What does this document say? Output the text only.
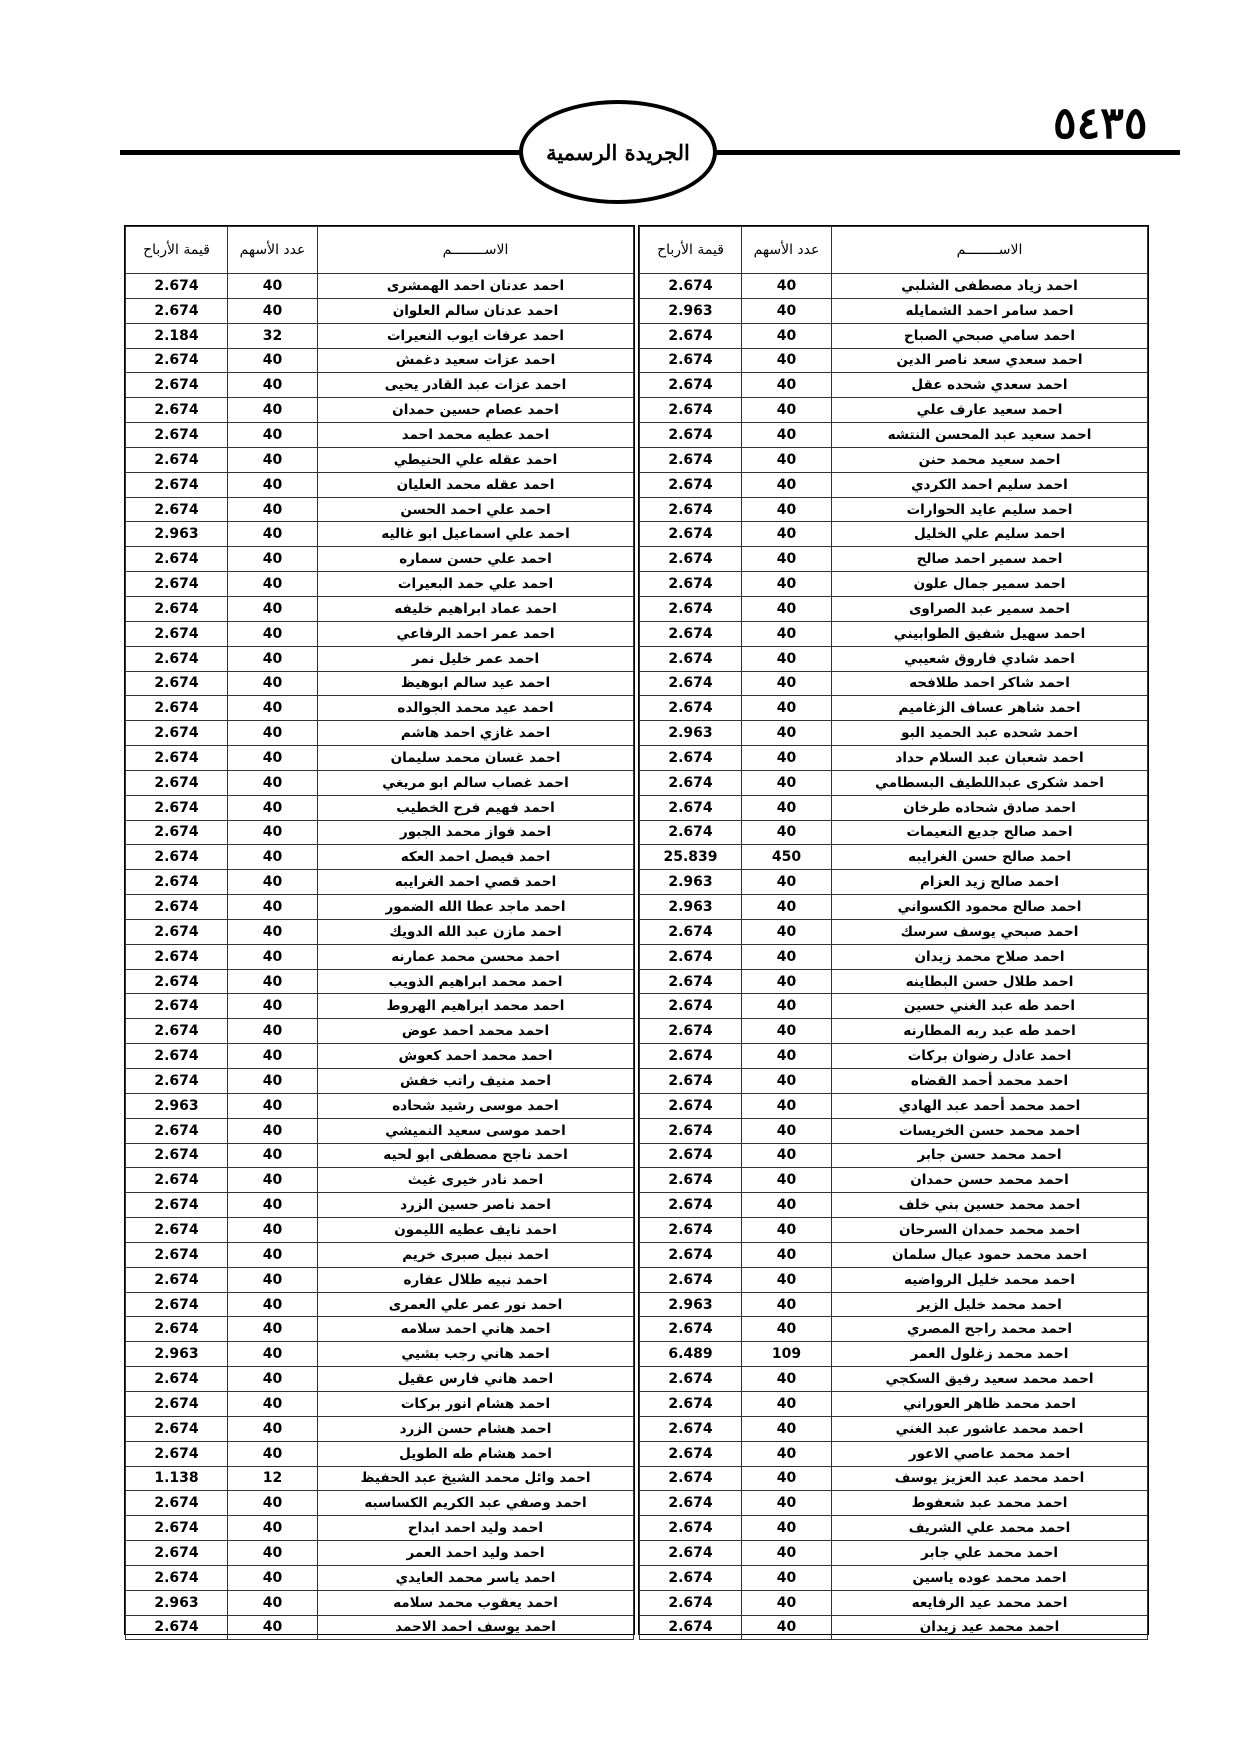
الجريدة الرسمية
٥٤٣٥
قيمة الأرباح	عدد الأسهم	الاســــــــم
2.674	40	احمد عدنان احمد الهمشرى
2.674	40	احمد عدنان سالم العلوان
2.184	32	احمد عرفات ايوب النعيرات
2.674	40	احمد عزات سعيد دغمش
2.674	40	احمد عزات عبد القادر يحيى
2.674	40	احمد عصام حسين حمدان
2.674	40	احمد عطيه محمد احمد
2.674	40	احمد عقله علي الحنيطي
2.674	40	احمد عقله محمد العليان
2.674	40	احمد علي احمد الحسن
2.963	40	احمد علي اسماعيل ابو غاليه
2.674	40	احمد علي حسن سماره
2.674	40	احمد علي حمد البعيرات
2.674	40	احمد عماد ابراهيم خليفه
2.674	40	احمد عمر احمد الرفاعي
2.674	40	احمد عمر خليل نمر
2.674	40	احمد عيد سالم ابوهيظ
2.674	40	احمد عيد محمد الجوالده
2.674	40	احمد غازي احمد هاشم
2.674	40	احمد غسان محمد سليمان
2.674	40	احمد غصاب سالم ابو مريغي
2.674	40	احمد فهيم فرح الخطيب
2.674	40	احمد فواز محمد الجبور
2.674	40	احمد فيصل احمد العكه
2.674	40	احمد قصي احمد الغرايبه
2.674	40	احمد ماجد عطا الله الضمور
2.674	40	احمد مازن عبد الله الدويك
2.674	40	احمد محسن محمد عمارنه
2.674	40	احمد محمد ابراهيم الذويب
2.674	40	احمد محمد ابراهيم الهروط
2.674	40	احمد محمد احمد عوض
2.674	40	احمد محمد احمد كعوش
2.674	40	احمد منيف راتب خفش
2.963	40	احمد موسى رشيد شحاده
2.674	40	احمد موسى سعيد النميشي
2.674	40	احمد ناجح مصطفى ابو لحيه
2.674	40	احمد نادر خيرى غيث
2.674	40	احمد ناصر حسين الزرد
2.674	40	احمد نايف عطيه الليمون
2.674	40	احمد نبيل صبرى خريم
2.674	40	احمد نبيه طلال عفاره
2.674	40	احمد نور عمر علي العمرى
2.674	40	احمد هاني احمد سلامه
2.963	40	احمد هاني رجب بشيي
2.674	40	احمد هاني فارس عقيل
2.674	40	احمد هشام انور بركات
2.674	40	احمد هشام حسن الزرد
2.674	40	احمد هشام طه الطويل
1.138	12	احمد وائل محمد الشيخ عبد الحفيظ
2.674	40	احمد وصفي عبد الكريم الكساسبه
2.674	40	احمد وليد احمد ابداح
2.674	40	احمد وليد احمد العمر
2.674	40	احمد ياسر محمد العايدي
2.963	40	احمد يعقوب محمد سلامه
2.674	40	احمد يوسف احمد الاحمد
قيمة الأرباح	عدد الأسهم	الاســــــــم
2.674	40	احمد زياد مصطفى الشلبي
2.963	40	احمد سامر احمد الشمايله
2.674	40	احمد سامي صبحي الصباح
2.674	40	احمد سعدي سعد ناصر الدين
2.674	40	احمد سعدي شحده عقل
2.674	40	احمد سعيد عارف علي
2.674	40	احمد سعيد عبد المحسن النتشه
2.674	40	احمد سعيد محمد حنن
2.674	40	احمد سليم احمد الكردي
2.674	40	احمد سليم عايد الحوارات
2.674	40	احمد سليم علي الخليل
2.674	40	احمد سمير احمد صالح
2.674	40	احمد سمير جمال علون
2.674	40	احمد سمير عبد الصراوى
2.674	40	احمد سهيل شفيق الطوابيني
2.674	40	احمد شادي فاروق شعيبي
2.674	40	احمد شاكر احمد طلافحه
2.674	40	احمد شاهر عساف الزغاميم
2.963	40	احمد شحده عبد الحميد البو
2.674	40	احمد شعبان عبد السلام حداد
2.674	40	احمد شكرى عبداللطيف البسطامي
2.674	40	احمد صادق شحاده طرخان
2.674	40	احمد صالح جديع النعيمات
25.839	450	احمد صالح حسن الغرايبه
2.963	40	احمد صالح زيد العزام
2.963	40	احمد صالح محمود الكسواني
2.674	40	احمد صبحي يوسف سرسك
2.674	40	احمد صلاح محمد زيدان
2.674	40	احمد طلال حسن البطاينه
2.674	40	احمد طه عبد الغني حسين
2.674	40	احمد طه عبد ربه المطارنه
2.674	40	احمد عادل رضوان بركات
2.674	40	احمد محمد أحمد القضاه
2.674	40	احمد محمد أحمد عبد الهادي
2.674	40	احمد محمد حسن الخريسات
2.674	40	احمد محمد حسن جابر
2.674	40	احمد محمد حسن حمدان
2.674	40	احمد محمد حسين بني خلف
2.674	40	احمد محمد حمدان السرحان
2.674	40	احمد محمد حمود عيال سلمان
2.674	40	احمد محمد خليل الرواضيه
2.963	40	احمد محمد خليل الزير
2.674	40	احمد محمد راجح المصري
6.489	109	احمد محمد زغلول العمر
2.674	40	احمد محمد سعيد رفيق السكجي
2.674	40	احمد محمد ظاهر العوراني
2.674	40	احمد محمد عاشور عبد الغني
2.674	40	احمد محمد عاصي الاعور
2.674	40	احمد محمد عبد العزيز يوسف
2.674	40	احمد محمد عبد شعفوط
2.674	40	احمد محمد علي الشريف
2.674	40	احمد محمد علي جابر
2.674	40	احمد محمد عوده ياسين
2.674	40	احمد محمد عيد الرفايعه
2.674	40	احمد محمد عيد زيدان
